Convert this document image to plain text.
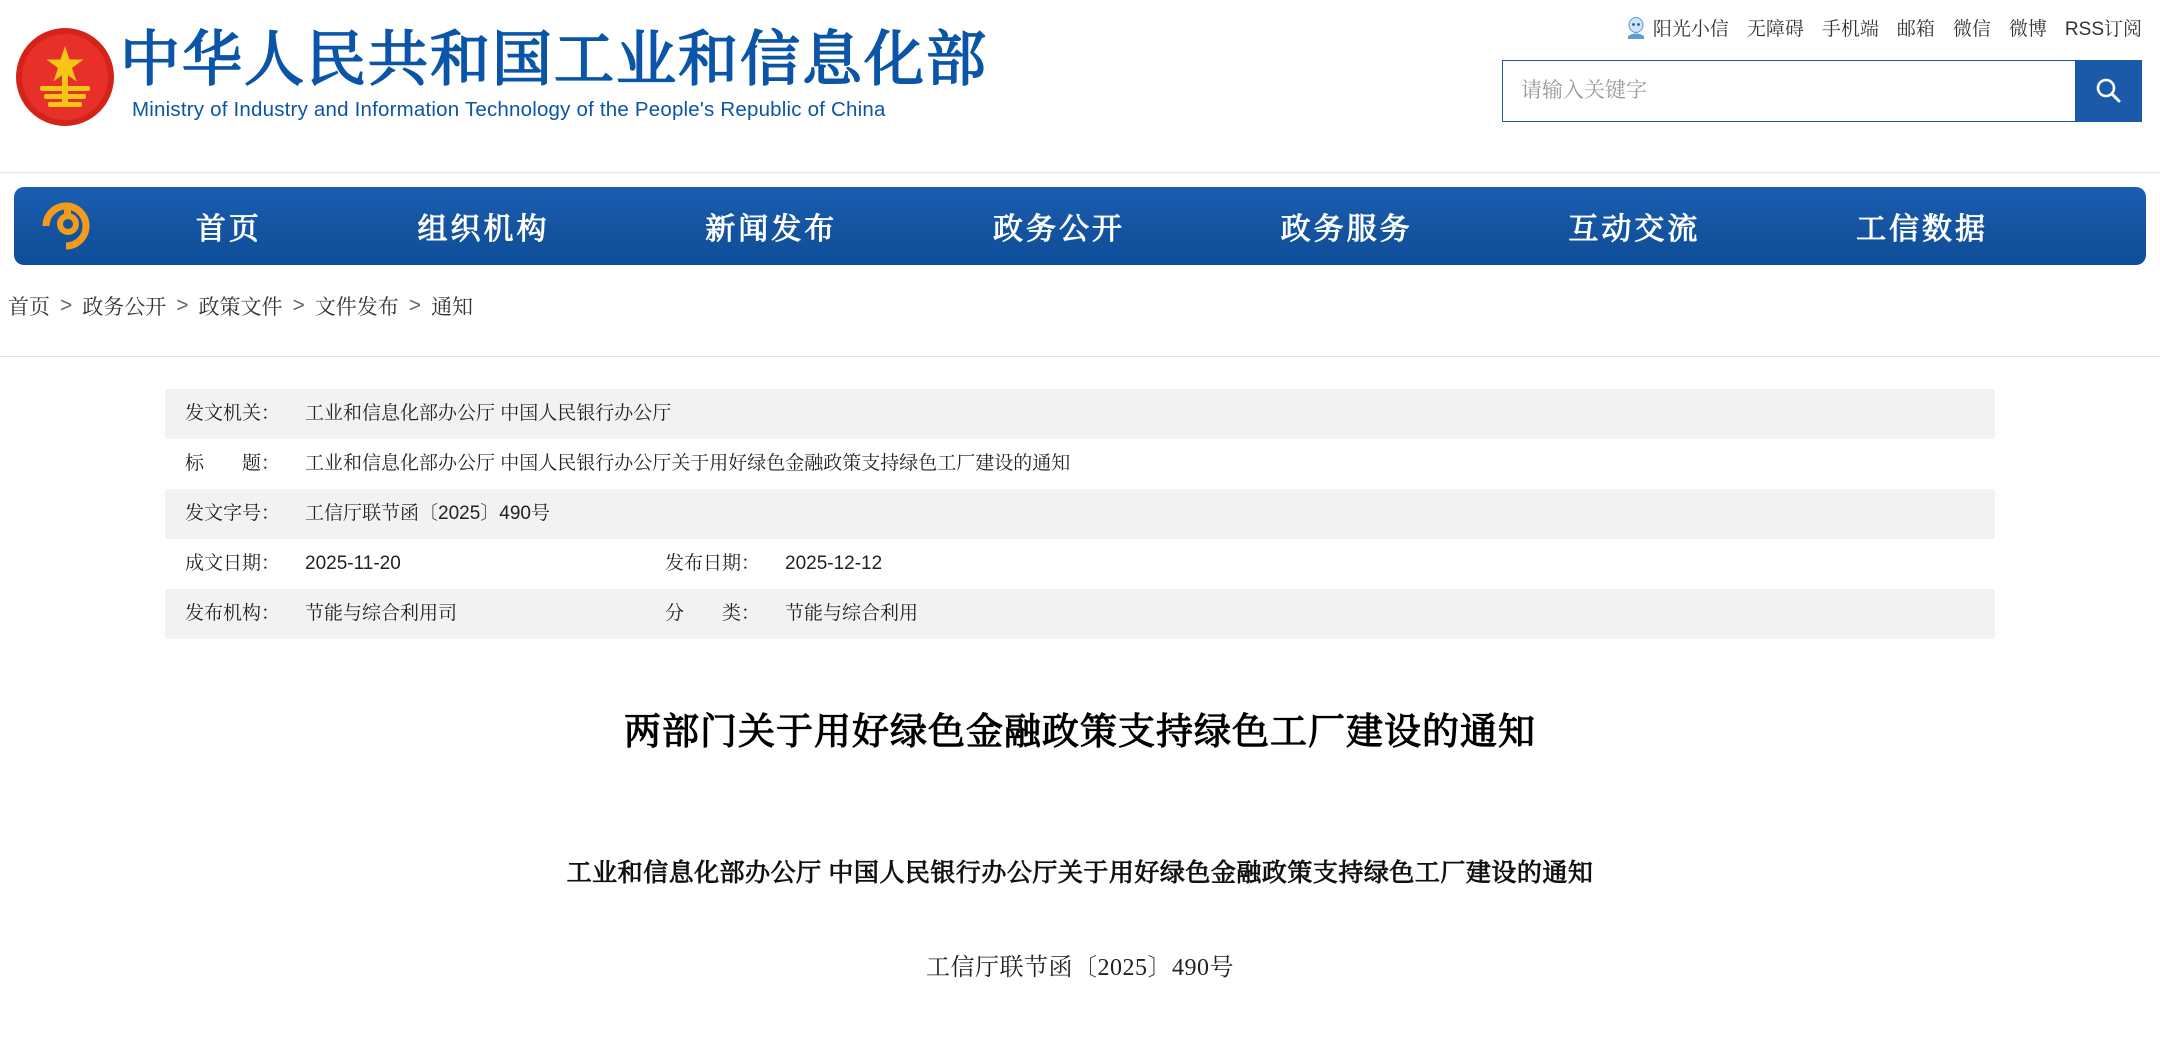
中华人民共和国工业和信息化部
Ministry of Industry and Information Technology of the People's Republic of China
阳光小信 无障碍 手机端 邮箱 微信 微博 RSS订阅
请输入关键字
首页	组织机构	新闻发布	政务公开	政务服务	互动交流	工信数据
首页 > 政务公开 > 政策文件 > 文件发布 > 通知
发文机关：	工业和信息化部办公厅 中国人民银行办公厅		
标　　题：	工业和信息化部办公厅 中国人民银行办公厅关于用好绿色金融政策支持绿色工厂建设的通知		
发文字号：	工信厅联节函〔2025〕490号		
成文日期：	2025-11-20	发布日期：	2025-12-12
发布机构：	节能与综合利用司	分　　类：	节能与综合利用
两部门关于用好绿色金融政策支持绿色工厂建设的通知
工业和信息化部办公厅 中国人民银行办公厅关于用好绿色金融政策支持绿色工厂建设的通知
工信厅联节函〔2025〕490号
